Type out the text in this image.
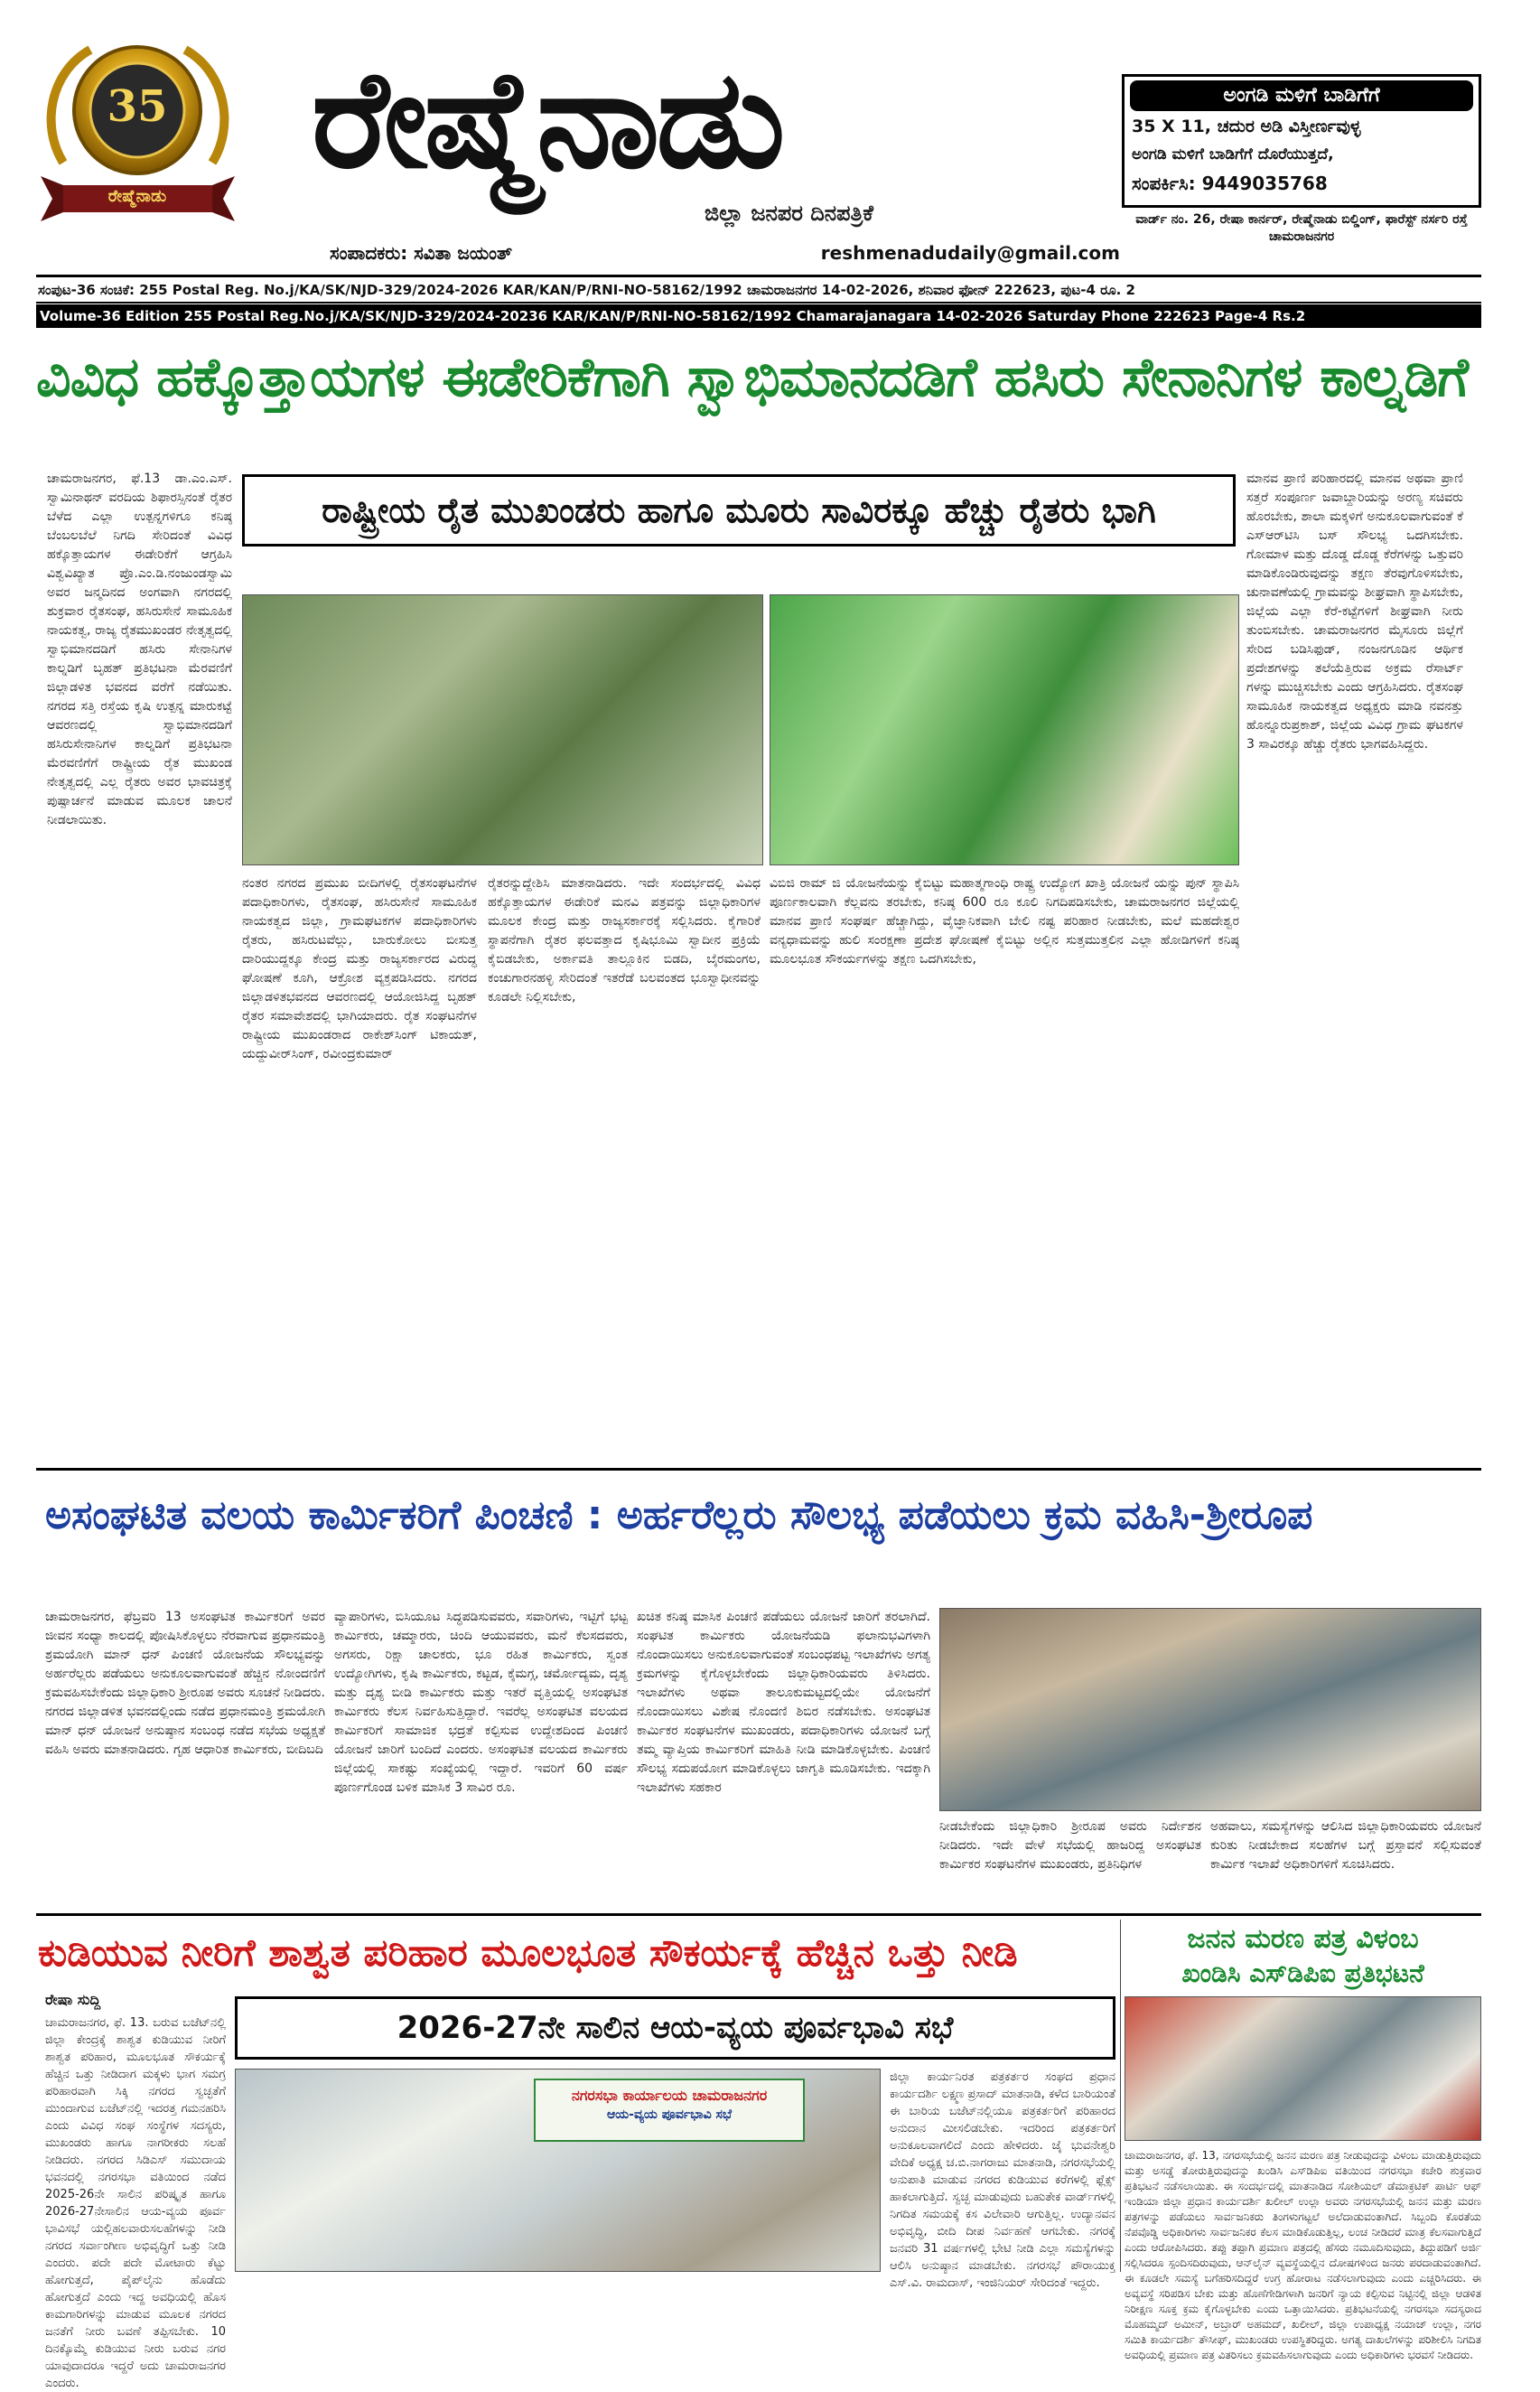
35
ರೇಷ್ಮೆನಾಡು	ರೇಷ್ಮೆನಾಡು
ಜಿಲ್ಲಾ ಜನಪರ ದಿನಪತ್ರಿಕೆ
ಸಂಪಾದಕರು: ಸವಿತಾ ಜಯಂತ್	reshmenadudaily@gmail.com
ಅಂಗಡಿ ಮಳಿಗೆ ಬಾಡಿಗೆಗೆ
35 X 11, ಚದುರ ಅಡಿ ವಿಸ್ತೀರ್ಣವುಳ್ಳ
ಅಂಗಡಿ ಮಳಿಗೆ ಬಾಡಿಗೆಗೆ ದೊರೆಯುತ್ತದೆ,
ಸಂಪರ್ಕಿಸಿ: 9449035768
ವಾರ್ಡ್ ನಂ. 26, ರೇಷಾ ಕಾರ್ನರ್, ರೇಷ್ಮೆನಾಡು ಬಿಲ್ಡಿಂಗ್, ಫಾರೆಸ್ಟ್ ನರ್ಸರಿ ರಸ್ತೆ ಚಾಮರಾಜನಗರ
ಸಂಪುಟ-36 ಸಂಚಿಕೆ: 255 Postal Reg. No.j/KA/SK/NJD-329/2024-2026 KAR/KAN/P/RNI-NO-58162/1992 ಚಾಮರಾಜನಗರ 14-02-2026, ಶನಿವಾರ ಫೋನ್ 222623, ಪುಟ-4 ರೂ. 2
Volume-36 Edition 255 Postal Reg.No.j/KA/SK/NJD-329/2024-20236 KAR/KAN/P/RNI-NO-58162/1992 Chamarajanagara 14-02-2026 Saturday Phone 222623 Page-4 Rs.2
ವಿವಿಧ ಹಕ್ಕೊತ್ತಾಯಗಳ ಈಡೇರಿಕೆಗಾಗಿ ಸ್ವಾಭಿಮಾನದಡಿಗೆ ಹಸಿರು ಸೇನಾನಿಗಳ ಕಾಲ್ನಡಿಗೆ
ಚಾಮರಾಜನಗರ, ಫೆ.13 ಡಾ.ಎಂ.ಎಸ್. ಸ್ವಾಮಿನಾಥನ್ ವರದಿಯ ಶಿಫಾರಸ್ಸಿನಂತೆ ರೈತರ ಬೆಳೆದ ಎಲ್ಲಾ ಉತ್ಪನ್ನಗಳಿಗೂ ಕನಿಷ್ಠ ಬೆಂಬಲಬೆಲೆ ನಿಗದಿ ಸೇರಿದಂತೆ ವಿವಿಧ ಹಕ್ಕೊತ್ತಾಯಗಳ ಈಡೇರಿಕೆಗೆ ಆಗ್ರಹಿಸಿ ವಿಶ್ವವಿಖ್ಯಾತ ಪ್ರೊ.ಎಂ.ಡಿ.ನಂಜುಂಡಸ್ವಾಮಿ ಅವರ ಜನ್ಮದಿನದ ಅಂಗವಾಗಿ ನಗರದಲ್ಲಿ ಶುಕ್ರವಾರ ರೈತಸಂಘ, ಹಸಿರುಸೇನೆ ಸಾಮೂಹಿಕ ನಾಯಕತ್ವ, ರಾಜ್ಯ ರೈತಮುಖಂಡರ ನೇತೃತ್ವದಲ್ಲಿ ಸ್ವಾಭಿಮಾನದಡಿಗೆ ಹಸಿರು ಸೇನಾನಿಗಳ ಕಾಲ್ನಡಿಗೆ ಬೃಹತ್ ಪ್ರತಿಭಟನಾ ಮೆರವಣಿಗೆ ಜಿಲ್ಲಾಡಳಿತ ಭವನದ ವರೆಗೆ ನಡೆಯಿತು. ನಗರದ ಸತ್ತಿ ರಸ್ತೆಯ ಕೃಷಿ ಉತ್ಪನ್ನ ಮಾರುಕಟ್ಟೆ ಆವರಣದಲ್ಲಿ ಸ್ವಾಭಿಮಾನದಡಿಗೆ ಹಸಿರುಸೇನಾನಿಗಳ ಕಾಲ್ನಡಿಗೆ ಪ್ರತಿಭಟನಾ ಮೆರವಣಿಗೆಗೆ ರಾಷ್ಟ್ರೀಯ ರೈತ ಮುಖಂಡ ನೇತೃತ್ವದಲ್ಲಿ ಎಲ್ಲ ರೈತರು ಅವರ ಭಾವಚಿತ್ರಕ್ಕೆ ಪುಷ್ಪಾರ್ಚನೆ ಮಾಡುವ ಮೂಲಕ ಚಾಲನೆ ನೀಡಲಾಯಿತು.
ರಾಷ್ಟ್ರೀಯ ರೈತ ಮುಖಂಡರು ಹಾಗೂ ಮೂರು ಸಾವಿರಕ್ಕೂ ಹೆಚ್ಚು ರೈತರು ಭಾಗಿ
ನಂತರ ನಗರದ ಪ್ರಮುಖ ಬೀದಿಗಳಲ್ಲಿ ರೈತಸಂಘಟನೆಗಳ ಪದಾಧಿಕಾರಿಗಳು, ರೈತಸಂಘ, ಹಸಿರುಸೇನೆ ಸಾಮೂಹಿಕ ನಾಯಕತ್ವದ ಜಿಲ್ಲಾ, ಗ್ರಾಮಘಟಕಗಳ ಪದಾಧಿಕಾರಿಗಳು ರೈತರು, ಹಸಿರುಟವೆಲ್ಲು, ಬಾರುಕೋಲು ಬೀಸುತ್ತ ದಾರಿಯುದ್ದಕ್ಕೂ ಕೇಂದ್ರ ಮತ್ತು ರಾಜ್ಯಸರ್ಕಾರದ ವಿರುದ್ಧ ಘೋಷಣೆ ಕೂಗಿ, ಆಕ್ರೋಶ ವ್ಯಕ್ತಪಡಿಸಿದರು. ನಗರದ ಜಿಲ್ಲಾಡಳಿತಭವನದ ಆವರಣದಲ್ಲಿ ಆಯೋಜಿಸಿದ್ದ ಬೃಹತ್ ರೈತರ ಸಮಾವೇಶದಲ್ಲಿ ಭಾಗಿಯಾದರು. ರೈತ ಸಂಘಟನೆಗಳ ರಾಷ್ಟ್ರೀಯ ಮುಖಂಡರಾದ ರಾಕೇಶ್‌ಸಿಂಗ್ ಟಿಕಾಯತ್, ಯದ್ದುವೀರ್‌ಸಿಂಗ್, ರವೀಂದ್ರಕುಮಾರ್
ರೈತರನ್ನುದ್ದೇಶಿಸಿ ಮಾತನಾಡಿದರು. ಇದೇ ಸಂದರ್ಭದಲ್ಲಿ ವಿವಿಧ ಹಕ್ಕೊತ್ತಾಯಗಳ ಈಡೇರಿಕೆ ಮನವಿ ಪತ್ರವನ್ನು ಜಿಲ್ಲಾಧಿಕಾರಿಗಳ ಮೂಲಕ ಕೇಂದ್ರ ಮತ್ತು ರಾಜ್ಯಸರ್ಕಾರಕ್ಕೆ ಸಲ್ಲಿಸಿದರು. ಕೈಗಾರಿಕೆ ಸ್ಥಾಪನೆಗಾಗಿ ರೈತರ ಫಲವತ್ತಾದ ಕೃಷಿಭೂಮಿ ಸ್ವಾದೀನ ಪ್ರಕ್ರಿಯೆ ಕೈಬಿಡಬೇಕು, ಅರ್ಕಾವತಿ ತಾಲ್ಲೂಕಿನ ಬಿಡದಿ, ಬೈರಮಂಗಲ, ಕಂಚುಗಾರನಹಳ್ಳಿ ಸೇರಿದಂತೆ ಇತರೆಡೆ ಬಲವಂತದ ಭೂಸ್ವಾಧೀನವನ್ನು ಕೂಡಲೇ ನಿಲ್ಲಿಸಬೇಕು,
ವಿಬಿಜಿ ರಾಮ್ ಜಿ ಯೋಜನೆಯನ್ನು ಕೈಬಿಟ್ಟು ಮಹಾತ್ಮಗಾಂಧಿ ರಾಷ್ಟ್ರ ಉದ್ಯೋಗ ಖಾತ್ರಿ ಯೋಜನೆ ಯನ್ನು ಪುನ್ ಸ್ಥಾಪಿಸಿ ಪೂರ್ಣಕಾಲವಾಗಿ ಕೆಲ್ಲವನು ತರಬೇಕು, ಕನಿಷ್ಠ 600 ರೂ ಕೂಲಿ ನಿಗದಿಪಡಿಸಬೇಕು, ಚಾಮರಾಜನಗರ ಜಿಲ್ಲೆಯಲ್ಲಿ ಮಾನವ ಪ್ರಾಣಿ ಸಂಘರ್ಷ ಹೆಚ್ಚಾಗಿದ್ದು, ವೈಜ್ಞಾನಿಕವಾಗಿ ಬೇಲಿ ನಷ್ಟ ಪರಿಹಾರ ನೀಡಬೇಕು, ಮಲೆ ಮಹದೇಶ್ವರ ವನ್ಯಧಾಮವನ್ನು ಹುಲಿ ಸಂರಕ್ಷಣಾ ಪ್ರದೇಶ ಘೋಷಣೆ ಕೈಬಿಟ್ಟು ಅಲ್ಲಿನ ಸುತ್ತಮುತ್ತಲಿನ ಎಲ್ಲಾ ಹೋಡಿಗಳಿಗೆ ಕನಿಷ್ಠ ಮೂಲಭೂತ ಸೌಕರ್ಯಗಳನ್ನು ತಕ್ಷಣ ಒದಗಿಸಬೇಕು,
ಮಾನವ ಪ್ರಾಣಿ ಪರಿಹಾರದಲ್ಲಿ ಮಾನವ ಅಥವಾ ಪ್ರಾಣಿ ಸತ್ತರೆ ಸಂಪೂರ್ಣ ಜವಾಬ್ದಾರಿಯನ್ನು ಅರಣ್ಯ ಸಚಿವರು ಹೊರಬೇಕು, ಶಾಲಾ ಮಕ್ಕಳಿಗೆ ಅನುಕೂಲವಾಗುವಂತೆ ಕೆ ಎಸ್‌ಆರ್‌ಟಿಸಿ ಬಸ್ ಸೌಲಭ್ಯ ಒದಗಿಸಬೇಕು. ಗೋಮಾಳ ಮತ್ತು ದೊಡ್ಡ ದೊಡ್ಡ ಕೆರೆಗಳನ್ನು ಒತ್ತುವರಿ ಮಾಡಿಕೊಂಡಿರುವುದನ್ನು ತಕ್ಷಣ ತೆರವುಗೊಳಿಸಬೇಕು, ಚುನಾವಣೆಯಲ್ಲಿ ಗ್ರಾಮವನ್ನು ಶೀಘ್ರವಾಗಿ ಸ್ಥಾಪಿಸಬೇಕು, ಜಿಲ್ಲೆಯ ಎಲ್ಲಾ ಕೆರೆ-ಕಟ್ಟೆಗಳಿಗೆ ಶೀಘ್ರವಾಗಿ ನೀರು ತುಂಬಿಸಬೇಕು. ಚಾಮರಾಜನಗರ ಮೈಸೂರು ಜಿಲ್ಲೆಗೆ ಸೇರಿದ ಬಡಿಸಿಫುಡ್, ನಂಜನಗೂಡಿನ ಆರ್ಥಿಕ ಪ್ರದೇಶಗಳನ್ನು ತಲೆಯೆತ್ತಿರುವ ಅಕ್ರಮ ರೆಸಾರ್ಟ್ ಗಳನ್ನು ಮುಚ್ಚಿಸಬೇಕು ಎಂದು ಆಗ್ರಹಿಸಿದರು. ರೈತಸಂಘ ಸಾಮೂಹಿಕ ನಾಯಕತ್ವದ ಅಧ್ಯಕ್ಷರು ಮಾಡಿ ನವನತ್ತು ಹೊನ್ನೂರುಪ್ರಕಾಶ್, ಜಿಲ್ಲೆಯ ವಿವಿಧ ಗ್ರಾಮ ಘಟಕಗಳ 3 ಸಾವಿರಕ್ಕೂ ಹೆಚ್ಚು ರೈತರು ಭಾಗವಹಿಸಿದ್ದರು.
ಅಸಂಘಟಿತ ವಲಯ ಕಾರ್ಮಿಕರಿಗೆ ಪಿಂಚಣಿ : ಅರ್ಹರೆಲ್ಲರು ಸೌಲಭ್ಯ ಪಡೆಯಲು ಕ್ರಮ ವಹಿಸಿ-ಶ್ರೀರೂಪ
ಚಾಮರಾಜನಗರ, ಫೆಬ್ರವರಿ 13 ಅಸಂಘಟಿತ ಕಾರ್ಮಿಕರಿಗೆ ಅವರ ಜೀವನ ಸಂಧ್ಯಾ ಕಾಲದಲ್ಲಿ ಪೋಷಿಸಿಕೊಳ್ಳಲು ನೆರವಾಗುವ ಪ್ರಧಾನಮಂತ್ರಿ ಶ್ರಮಯೋಗಿ ಮಾನ್ ಧನ್ ಪಿಂಚಣಿ ಯೋಜನೆಯ ಸೌಲಭ್ಯವನ್ನು ಅರ್ಹರೆಲ್ಲರು ಪಡೆಯಲು ಅನುಕೂಲವಾಗುವಂತೆ ಹೆಚ್ಚಿನ ನೋಂದಣಿಗೆ ಕ್ರಮವಹಿಸಬೇಕೆಂದು ಜಿಲ್ಲಾಧಿಕಾರಿ ಶ್ರೀರೂಪ ಅವರು ಸೂಚನೆ ನೀಡಿದರು. ನಗರದ ಜಿಲ್ಲಾಡಳಿತ ಭವನದಲ್ಲಿಂದು ನಡೆದ ಪ್ರಧಾನಮಂತ್ರಿ ಶ್ರಮಯೋಗಿ ಮಾನ್ ಧನ್ ಯೋಜನೆ ಅನುಷ್ಠಾನ ಸಂಬಂಧ ನಡೆದ ಸಭೆಯ ಅಧ್ಯಕ್ಷತೆ ವಹಿಸಿ ಅವರು ಮಾತನಾಡಿದರು. ಗೃಹ ಆಧಾರಿತ ಕಾರ್ಮಿಕರು, ಬೀದಿಬದಿ
ವ್ಯಾಪಾರಿಗಳು, ಬಿಸಿಯೂಟ ಸಿದ್ಧಪಡಿಸುವವರು, ಸವಾರಿಗಳು, ಇಟ್ಟಿಗೆ ಭಟ್ಟ ಕಾರ್ಮಿಕರು, ಚಮ್ಮಾರರು, ಚಿಂದಿ ಆಯುವವರು, ಮನೆ ಕೆಲಸದವರು, ಅಗಸರು, ರಿಕ್ಷಾ ಚಾಲಕರು, ಭೂ ರಹಿತ ಕಾರ್ಮಿಕರು, ಸ್ವಂತ ಉದ್ಯೋಗಿಗಳು, ಕೃಷಿ ಕಾರ್ಮಿಕರು, ಕಟ್ಟಡ, ಕೈಮಗ್ಗ, ಚರ್ಮೋದ್ಯಮ, ದೃಶ್ಯ ಮತ್ತು ದೃಶ್ಯ ಬೀಡಿ ಕಾರ್ಮಿಕರು ಮತ್ತು ಇತರೆ ವೃತ್ತಿಯಲ್ಲಿ ಅಸಂಘಟಿತ ಕಾರ್ಮಿಕರು ಕೆಲಸ ನಿರ್ವಹಿಸುತ್ತಿದ್ದಾರೆ. ಇವರೆಲ್ಲ ಅಸಂಘಟಿತ ವಲಯದ ಕಾರ್ಮಿಕರಿಗೆ ಸಾಮಾಜಿಕ ಭದ್ರತೆ ಕಲ್ಪಿಸುವ ಉದ್ದೇಶದಿಂದ ಪಿಂಚಣಿ ಯೋಜನೆ ಜಾರಿಗೆ ಬಂದಿದೆ ಎಂದರು. ಅಸಂಘಟಿತ ವಲಯದ ಕಾರ್ಮಿಕರು ಜಿಲ್ಲೆಯಲ್ಲಿ ಸಾಕಷ್ಟು ಸಂಖ್ಯೆಯಲ್ಲಿ ಇದ್ದಾರೆ. ಇವರಿಗೆ 60 ವರ್ಷ ಪೂರ್ಣಗೊಂಡ ಬಳಿಕ ಮಾಸಿಕ 3 ಸಾವಿರ ರೂ.
ಖಚಿತ ಕನಿಷ್ಠ ಮಾಸಿಕ ಪಿಂಚಣಿ ಪಡೆಯಲು ಯೋಜನೆ ಜಾರಿಗೆ ತರಲಾಗಿದೆ. ಸಂಘಟಿತ ಕಾರ್ಮಿಕರು ಯೋಜನೆಯಡಿ ಫಲಾನುಭವಿಗಳಾಗಿ ನೊಂದಾಯಿಸಲು ಅನುಕೂಲವಾಗುವಂತೆ ಸಂಬಂಧಪಟ್ಟ ಇಲಾಖೆಗಳು ಅಗತ್ಯ ಕ್ರಮಗಳನ್ನು ಕೈಗೊಳ್ಳಬೇಕೆಂದು ಜಿಲ್ಲಾಧಿಕಾರಿಯವರು ತಿಳಿಸಿದರು. ಇಲಾಖೆಗಳು ಅಥವಾ ತಾಲೂಕುಮಟ್ಟದಲ್ಲಿಯೇ ಯೋಜನೆಗೆ ನೊಂದಾಯಿಸಲು ವಿಶೇಷ ನೊಂದಣಿ ಶಿಬಿರ ನಡೆಸಬೇಕು. ಅಸಂಘಟಿತ ಕಾರ್ಮಿಕರ ಸಂಘಟನೆಗಳ ಮುಖಂಡರು, ಪದಾಧಿಕಾರಿಗಳು ಯೋಜನೆ ಬಗ್ಗೆ ತಮ್ಮ ವ್ಯಾಪ್ತಿಯ ಕಾರ್ಮಿಕರಿಗೆ ಮಾಹಿತಿ ನೀಡಿ ಮಾಡಿಕೊಳ್ಳಬೇಕು. ಪಿಂಚಣಿ ಸೌಲಭ್ಯ ಸದುಪಯೋಗ ಮಾಡಿಕೊಳ್ಳಲು ಜಾಗೃತಿ ಮೂಡಿಸಬೇಕು. ಇದಕ್ಕಾಗಿ ಇಲಾಖೆಗಳು ಸಹಕಾರ
ನೀಡಬೇಕೆಂದು ಜಿಲ್ಲಾಧಿಕಾರಿ ಶ್ರೀರೂಪ ಅವರು ನಿರ್ದೇಶನ ನೀಡಿದರು. ಇದೇ ವೇಳೆ ಸಭೆಯಲ್ಲಿ ಹಾಜರಿದ್ದ ಅಸಂಘಟಿತ ಕಾರ್ಮಿಕರ ಸಂಘಟನೆಗಳ ಮುಖಂಡರು, ಪ್ರತಿನಿಧಿಗಳ
ಅಹವಾಲು, ಸಮಸ್ಯೆಗಳನ್ನು ಆಲಿಸಿದ ಜಿಲ್ಲಾಧಿಕಾರಿಯವರು ಯೋಜನೆ ಕುರಿತು ನೀಡಬೇಕಾದ ಸಲಹೆಗಳ ಬಗ್ಗೆ ಪ್ರಸ್ತಾವನೆ ಸಲ್ಲಿಸುವಂತೆ ಕಾರ್ಮಿಕ ಇಲಾಖೆ ಅಧಿಕಾರಿಗಳಿಗೆ ಸೂಚಿಸಿದರು.
ಕುಡಿಯುವ ನೀರಿಗೆ ಶಾಶ್ವತ ಪರಿಹಾರ ಮೂಲಭೂತ ಸೌಕರ್ಯಕ್ಕೆ ಹೆಚ್ಚಿನ ಒತ್ತು ನೀಡಿ
ರೇಷಾ ಸುದ್ದಿ
2026-27ನೇ ಸಾಲಿನ ಆಯ-ವ್ಯಯ ಪೂರ್ವಭಾವಿ ಸಭೆ
ಚಾಮರಾಜನಗರ, ಫೆ. 13. ಬರುವ ಬಜೆಟ್‌ನಲ್ಲಿ ಜಿಲ್ಲಾ ಕೇಂದ್ರಕ್ಕೆ ಶಾಶ್ವತ ಕುಡಿಯುವ ನೀರಿಗೆ ಶಾಶ್ವತ ಪರಿಹಾರ, ಮೂಲಭೂತ ಸೌಕರ್ಯಕ್ಕೆ ಹೆಚ್ಚಿನ ಒತ್ತು ನೀಡಿದಾಗ ಮಕ್ಕಳು ಭಾಗ ಸಮಗ್ರ ಪರಿಹಾರವಾಗಿ ಸಿಕ್ಕಿ ನಗರದ ಸ್ವಚ್ಛತೆಗೆ ಮುಂದಾಗುವ ಬಜೆಟ್‌ನಲ್ಲಿ ಇದರತ್ತ ಗಮನಹರಿಸಿ ಎಂದು ವಿವಿಧ ಸಂಘ ಸಂಸ್ಥೆಗಳ ಸದಸ್ಯರು, ಮುಖಂಡರು ಹಾಗೂ ನಾಗರೀಕರು ಸಲಹೆ ನೀಡಿದರು. ನಗರದ ಸಿಡಿಎಸ್ ಸಮುದಾಯ ಭವನದಲ್ಲಿ ನಗರಸಭಾ ವತಿಯಿಂದ ನಡೆದ 2025-26ನೇ ಸಾಲಿನ ಪರಿಷ್ಕೃತ ಹಾಗೂ 2026-27ನೇಸಾಲಿನ ಆಯ-ವ್ಯಯ ಪೂರ್ವ ಭಾವಿಸಭೆ ಯಲ್ಲಿಹಲವಾರುಸಲಹೆಗಳನ್ನು ನೀಡಿ ನಗರದ ಸರ್ವಾಂಗೀಣ ಅಭಿವೃದ್ಧಿಗೆ ಒತ್ತು ನೀಡಿ ಎಂದರು. ಪದೇ ಪದೇ ಮೋಟಾರು ಕೆಟ್ಟು ಹೋಗುತ್ತದೆ, ಪೈಪ್‌ಲೈನು ಹೊಡೆದು ಹೋಗುತ್ತದೆ ಎಂದು ಇದ್ದ ಅವಧಿಯಲ್ಲಿ ಹೊಸ ಕಾಮಗಾರಿಗಳನ್ನು ಮಾಡುವ ಮೂಲಕ ನಗರದ ಜನತೆಗೆ ನೀರು ಬವಣೆ ತಪ್ಪಿಸಬೇಕು. 10 ದಿನಕ್ಕೊಮ್ಮೆ ಕುಡಿಯುವ ನೀರು ಬರುವ ನಗರ ಯಾವುದಾದರೂ ಇದ್ದರೆ ಅದು ಚಾಮರಾಜನಗರ ಎಂದರು.
ನಗರಸಭಾ ಕಾರ್ಯಾಲಯ ಚಾಮರಾಜನಗರ
ಆಯ-ವ್ಯಯ ಪೂರ್ವಭಾವಿ ಸಭೆ
ಜಿಲ್ಲಾ ಕಾರ್ಯನಿರತ ಪತ್ರಕರ್ತರ ಸಂಘದ ಪ್ರಧಾನ ಕಾರ್ಯದರ್ಶಿ ಲಕ್ಷ್ಮಣ ಪ್ರಸಾದ್ ಮಾತನಾಡಿ, ಕಳೆದ ಬಾರಿಯಂತೆ ಈ ಬಾರಿಯ ಬಜೆಟ್‌ನಲ್ಲಿಯೂ ಪತ್ರಕರ್ತರಿಗೆ ಪರಿಹಾರದ ಅನುದಾನ ಮೀಸಲಿಡಬೇಕು. ಇದರಿಂದ ಪತ್ರಕರ್ತರಿಗೆ ಅನುಕೂಲವಾಗಲಿದೆ ಎಂದು ಹೇಳಿದರು. ಜೈ ಭುವನೇಶ್ವರಿ ವೇದಿಕೆ ಅಧ್ಯಕ್ಷ ಚ.ಬಿ.ನಾಗರಾಜು ಮಾತನಾಡಿ, ನಗರಸಭೆಯಲ್ಲಿ ಅನುಪಾತಿ ಮಾಡುವ ನಗರದ ಕುಡಿಯುವ ಕರೆಗಳಲ್ಲಿ ಫ್ಲೆಕ್ಸ್ ಹಾಕಲಾಗುತ್ತಿದೆ. ಸ್ವಚ್ಛ ಮಾಡುವುದು ಬಹುತೇಕ ವಾರ್ಡ್‌ಗಳಲ್ಲಿ ನಿಗದಿತ ಸಮಯಕ್ಕೆ ಕಸ ವಿಲೇವಾರಿ ಆಗುತ್ತಿಲ್ಲ. ಉದ್ಯಾನವನ ಅಭಿವೃದ್ಧಿ, ಬೀದಿ ದೀಪ ನಿರ್ವಹಣೆ ಆಗಬೇಕು. ನಗರಕ್ಕೆ ಜನವರಿ 31 ವರ್ಷಗಳಲ್ಲಿ ಭೇಟಿ ನೀಡಿ ಎಲ್ಲಾ ಸಮಸ್ಯೆಗಳನ್ನು ಆಲಿಸಿ ಅನುಷ್ಠಾನ ಮಾಡಬೇಕು. ನಗರಸಭೆ ಪೌರಾಯುಕ್ತ ಎಸ್.ವಿ. ರಾಮದಾಸ್, ಇಂಜಿನಿಯರ್ ಸೇರಿದಂತೆ ಇದ್ದರು.
ಜನನ ಮರಣ ಪತ್ರ ವಿಳಂಬ
ಖಂಡಿಸಿ ಎಸ್‌ಡಿಪಿಐ ಪ್ರತಿಭಟನೆ
ಚಾಮರಾಜನಗರ, ಫೆ. 13, ನಗರಸಭೆಯಲ್ಲಿ ಜನನ ಮರಣ ಪತ್ರ ನೀಡುವುದನ್ನು ವಿಳಂಬ ಮಾಡುತ್ತಿರುವುದು ಮತ್ತು ಅಸಡ್ಡೆ ತೋರುತ್ತಿರುವುದನ್ನು ಖಂಡಿಸಿ ಎಸ್‌ಡಿಪಿಐ ವತಿಯಿಂದ ನಗರಸಭಾ ಕಚೇರಿ ಶುಕ್ರವಾರ ಪ್ರತಿಭಟನೆ ನಡೆಸಲಾಯಿತು. ಈ ಸಂದರ್ಭದಲ್ಲಿ ಮಾತನಾಡಿದ ಸೋಶಿಯಲ್ ಡೆಮಾಕ್ರಟಿಕ್ ಪಾರ್ಟಿ ಆಫ್ ಇಂಡಿಯಾ ಜಿಲ್ಲಾ ಪ್ರಧಾನ ಕಾರ್ಯದರ್ಶಿ ಖಲೀಲ್ ಉಲ್ಲಾ ಅವರು ನಗರಸಭೆಯಲ್ಲಿ ಜನನ ಮತ್ತು ಮರಣ ಪತ್ರಗಳನ್ನು ಪಡೆಯಲು ಸಾರ್ವಜನಿಕರು ತಿಂಗಳುಗಟ್ಟಲೆ ಅಲೆದಾಡುವಂತಾಗಿದೆ. ಸಿಬ್ಬಂದಿ ಕೊರತೆಯ ನೆಪವೊಡ್ಡಿ ಅಧಿಕಾರಿಗಳು ಸಾರ್ವಜನಿಕರ ಕೆಲಸ ಮಾಡಿಕೊಡುತ್ತಿಲ್ಲ, ಲಂಚ ನೀಡಿದರೆ ಮಾತ್ರ ಕೆಲಸವಾಗುತ್ತಿದೆ ಎಂದು ಆರೋಪಿಸಿದರು. ತಪ್ಪು ತಪ್ಪಾಗಿ ಪ್ರಮಾಣ ಪತ್ರದಲ್ಲಿ ಹೆಸರು ನಮೂದಿಸುವುದು, ತಿದ್ದುಪಡಿಗೆ ಅರ್ಜಿ ಸಲ್ಲಿಸಿದರೂ ಸ್ಪಂದಿಸದಿರುವುದು, ಆನ್‌ಲೈನ್ ವ್ಯವಸ್ಥೆಯಲ್ಲಿನ ದೋಷಗಳಿಂದ ಜನರು ಪರದಾಡುವಂತಾಗಿದೆ. ಈ ಕೂಡಲೇ ಸಮಸ್ಯೆ ಬಗೆಹರಿಸದಿದ್ದರೆ ಉಗ್ರ ಹೋರಾಟ ನಡೆಸಲಾಗುವುದು ಎಂದು ಎಚ್ಚರಿಸಿದರು. ಈ ಅವ್ಯವಸ್ಥೆ ಸರಿಪಡಿಸ ಬೇಕು ಮತ್ತು ಹೊಣೆಗೇಡಿಗಳಾಗಿ ಜನರಿಗೆ ನ್ಯಾಯ ಕಲ್ಪಿಸುವ ನಿಟ್ಟಿನಲ್ಲಿ ಜಿಲ್ಲಾ ಆಡಳಿತ ನಿರೀಕ್ಷಣ ಸೂಕ್ತ ಕ್ರಮ ಕೈಗೊಳ್ಳಬೇಕು ಎಂದು ಒತ್ತಾಯಿಸಿದರು. ಪ್ರತಿಭಟನೆಯಲ್ಲಿ ನಗರಸಭಾ ಸದಸ್ಯರಾದ ಮೊಹಮ್ಮದ್ ಅಮೀನ್, ಅಬ್ರಾರ್ ಅಹಮದ್, ಖಲೀಲ್, ಜಿಲ್ಲಾ ಉಪಾಧ್ಯಕ್ಷ ನಯಾಜ್ ಉಲ್ಲಾ, ನಗರ ಸಮಿತಿ ಕಾರ್ಯದರ್ಶಿ ತೌಸೀಫ್, ಮುಖಂಡರು ಉಪಸ್ಥಿತರಿದ್ದರು. ಅಗತ್ಯ ದಾಖಲೆಗಳನ್ನು ಪರಿಶೀಲಿಸಿ ನಿಗದಿತ ಅವಧಿಯಲ್ಲಿ ಪ್ರಮಾಣ ಪತ್ರ ವಿತರಿಸಲು ಕ್ರಮವಹಿಸಲಾಗುವುದು ಎಂದು ಅಧಿಕಾರಿಗಳು ಭರವಸೆ ನೀಡಿದರು.
